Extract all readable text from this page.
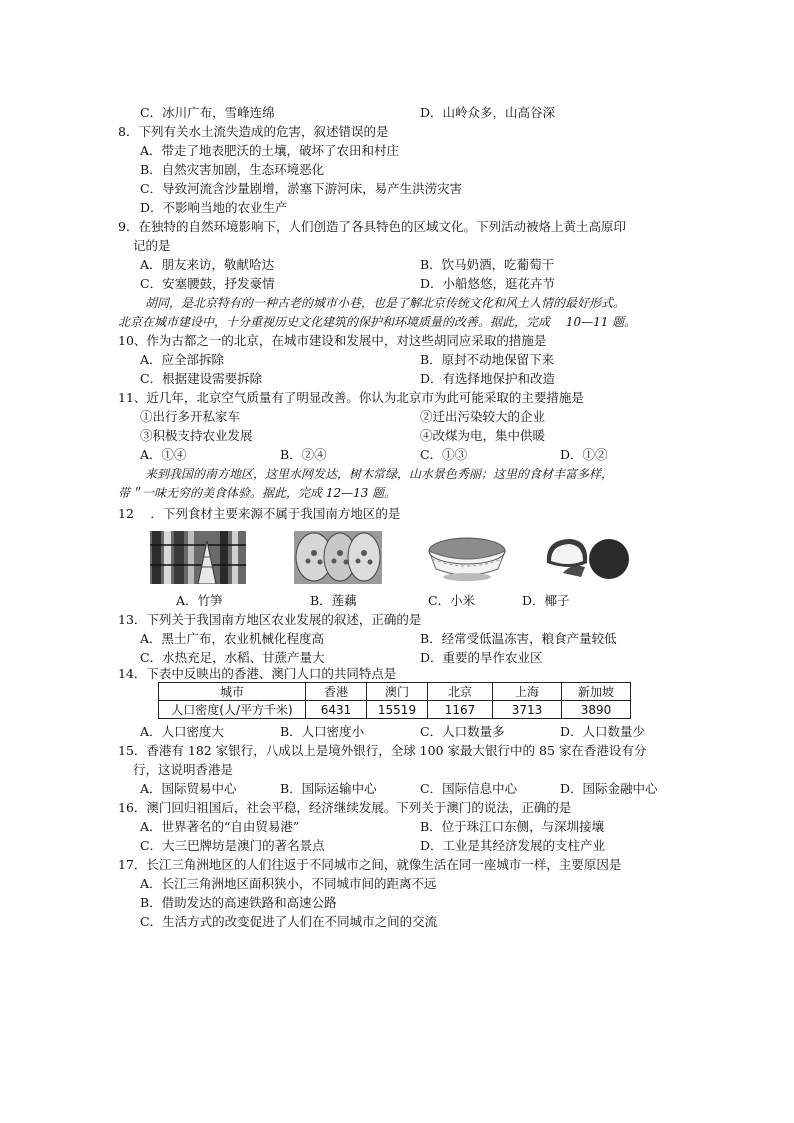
C．冰川广布，雪峰连绵	D．山岭众多，山高谷深
8．下列有关水土流失造成的危害，叙述错误的是
A．带走了地表肥沃的土壤，破坏了农田和村庄
B．自然灾害加剧，生态环境恶化
C．导致河流含沙量剧增，淤塞下游河床，易产生洪涝灾害
D．不影响当地的农业生产
9．在独特的自然环境影响下，人们创造了各具特色的区域文化。下列活动被烙上黄土高原印
记的是
A．朋友来访，敬献哈达	B．饮马奶酒，吃葡萄干
C．安塞腰鼓，抒发豪情	D．小船悠悠，逛花卉节
胡同，是北京特有的一种古老的城市小巷，也是了解北京传统文化和风土人情的最好形式。
北京在城市建设中，十分重视历史文化建筑的保护和环境质量的改善。据此，完成　 10—11 题。
10、作为古都之一的北京，在城市建设和发展中，对这些胡同应采取的措施是
A．应全部拆除	B．原封不动地保留下来
C．根据建设需要拆除	D．有选择地保护和改造
11、近几年，北京空气质量有了明显改善。你认为北京市为此可能采取的主要措施是
①出行多开私家车	②迁出污染较大的企业
③积极支持农业发展	④改煤为电，集中供暖
A．①④	B．②④	C．①③	D．①②
来到我国的南方地区，这里水网发达，树木常绿，山水景色秀丽；这里的食材丰富多样，
带＂一味无穷的美食体验。据此，完成 12—13 题。
12　 ．下列食材主要来源不属于我国南方地区的是
A．竹笋	B．莲藕	C．小米	D．椰子
13．下列关于我国南方地区农业发展的叙述，正确的是
A．黑土广布，农业机械化程度高	B．经常受低温冻害，粮食产量较低
C．水热充足，水稻、甘蔗产量大	D．重要的旱作农业区
14．下表中反映出的香港、澳门人口的共同特点是
城市	香港	澳门	北京	上海	新加坡
人口密度(人/平方千米)	6431	15519	1167	3713	3890
A．人口密度大	B．人口密度小	C．人口数量多	D．人口数量少
15．香港有 182 家银行，八成以上是境外银行，全球 100 家最大银行中的 85 家在香港设有分
行，这说明香港是
A．国际贸易中心	B．国际运输中心	C．国际信息中心	D．国际金融中心
16．澳门回归祖国后，社会平稳，经济继续发展。下列关于澳门的说法，正确的是
A．世界著名的“自由贸易港”	B．位于珠江口东侧，与深圳接壤
C．大三巴牌坊是澳门的著名景点	D．工业是其经济发展的支柱产业
17．长江三角洲地区的人们往返于不同城市之间，就像生活在同一座城市一样，主要原因是
A．长江三角洲地区面积狭小，不同城市间的距离不远
B．借助发达的高速铁路和高速公路
C．生活方式的改变促进了人们在不同城市之间的交流
